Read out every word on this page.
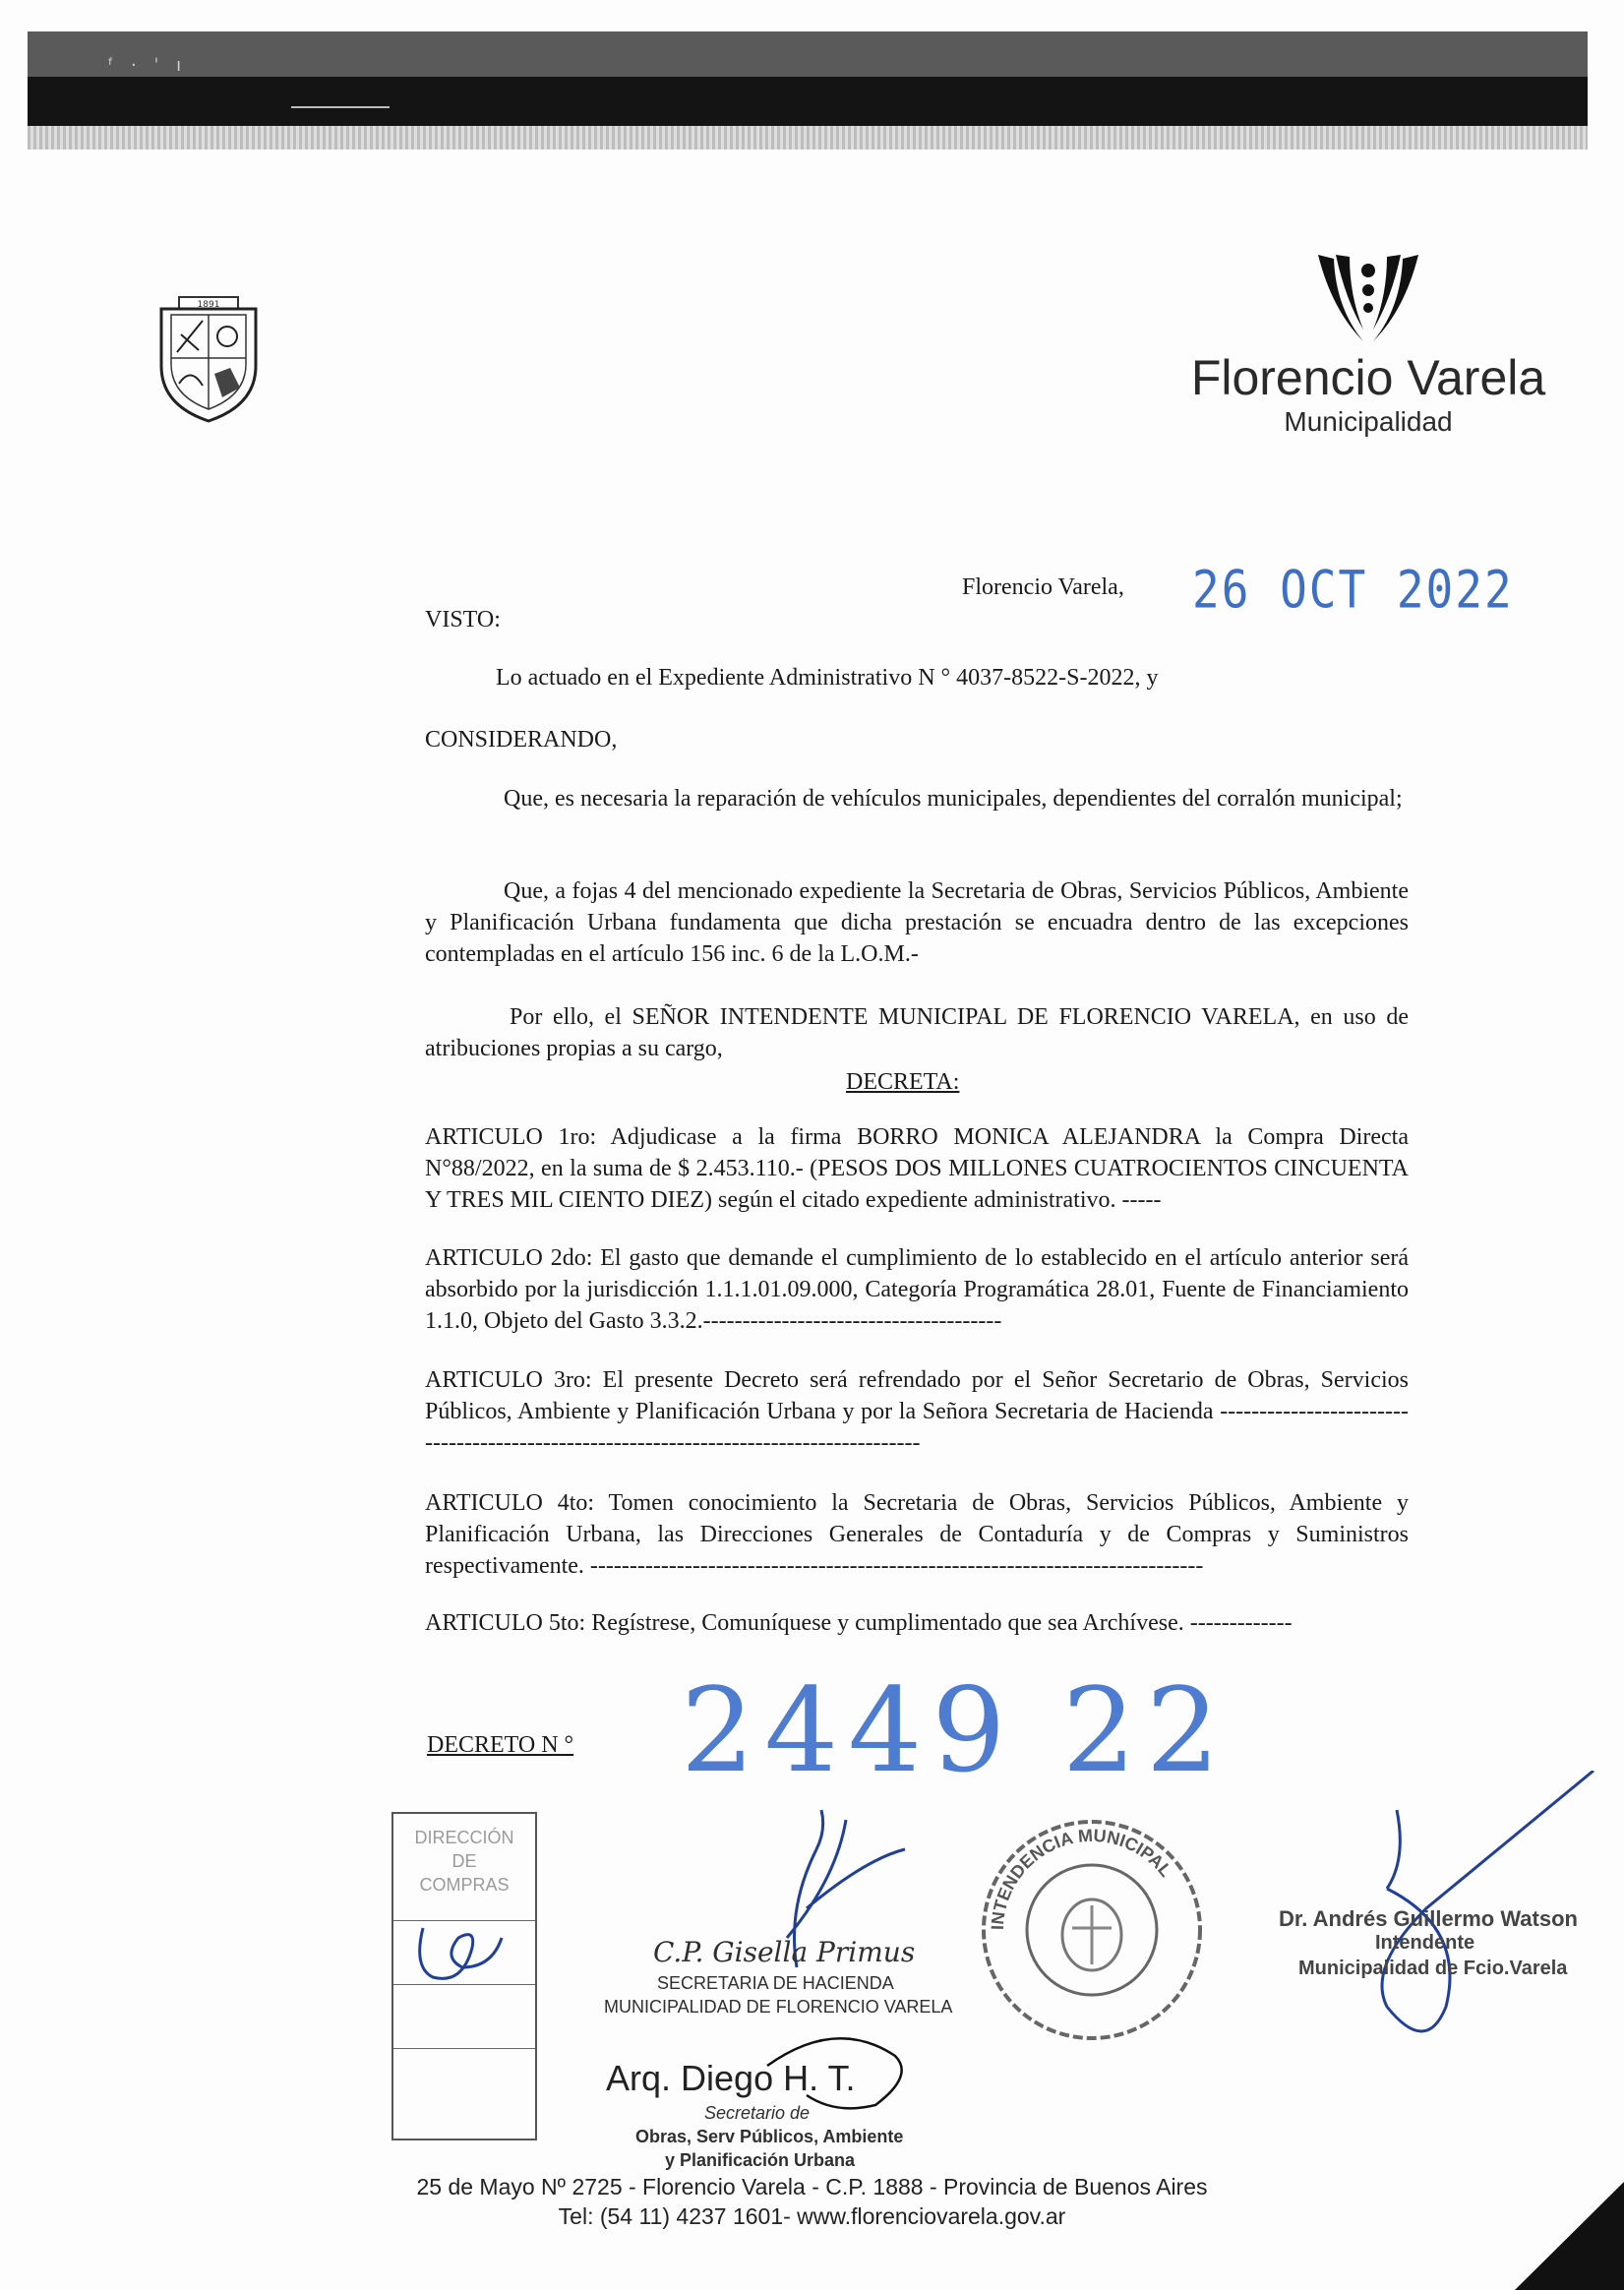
ᶠ · ˈ ı
1891
Florencio Varela
Municipalidad
Florencio Varela, 26 OCT 2022
VISTO:
Lo actuado en el Expediente Administrativo N ° 4037-8522-S-2022, y
CONSIDERANDO,
Que, es necesaria la reparación de vehículos municipales, dependientes del corralón municipal;
Que, a fojas 4 del mencionado expediente la Secretaria de Obras, Servicios Públicos, Ambiente y Planificación Urbana fundamenta que dicha prestación se encuadra dentro de las excepciones contempladas en el artículo 156 inc. 6 de la L.O.M.-
Por ello, el SEÑOR INTENDENTE MUNICIPAL DE FLORENCIO VARELA, en uso de atribuciones propias a su cargo,
DECRETA:
ARTICULO 1ro: Adjudicase a la firma BORRO MONICA ALEJANDRA la Compra Directa N°88/2022, en la suma de $ 2.453.110.- (PESOS DOS MILLONES CUATROCIENTOS CINCUENTA Y TRES MIL CIENTO DIEZ) según el citado expediente administrativo. -----
ARTICULO 2do: El gasto que demande el cumplimiento de lo establecido en el artículo anterior será absorbido por la jurisdicción 1.1.1.01.09.000, Categoría Programática 28.01, Fuente de Financiamiento 1.1.0, Objeto del Gasto 3.3.2.--------------------------------------
ARTICULO 3ro: El presente Decreto será refrendado por el Señor Secretario de Obras, Servicios Públicos, Ambiente y Planificación Urbana y por la Señora Secretaria de Hacienda ---------------------------------------------------------------------------------------
ARTICULO 4to: Tomen conocimiento la Secretaria de Obras, Servicios Públicos, Ambiente y Planificación Urbana, las Direcciones Generales de Contaduría y de Compras y Suministros respectivamente. ------------------------------------------------------------------------------
ARTICULO 5to: Regístrese, Comuníquese y cumplimentado que sea Archívese. -------------
DECRETO N ° 2449 22
DIRECCIÓN
DE
COMPRAS
C.P. Gisella Primus
SECRETARIA DE HACIENDA
MUNICIPALIDAD DE FLORENCIO VARELA
Arq. Diego H. T.
Secretario de
Obras, Serv Públicos, Ambiente
y Planificación Urbana
INTENDENCIA MUNICIPAL
Dr. Andrés Guillermo Watson
Intendente
Municipalidad de Fcio.Varela
25 de Mayo Nº 2725 - Florencio Varela - C.P. 1888 - Provincia de Buenos Aires
Tel: (54 11) 4237 1601- www.florenciovarela.gov.ar
